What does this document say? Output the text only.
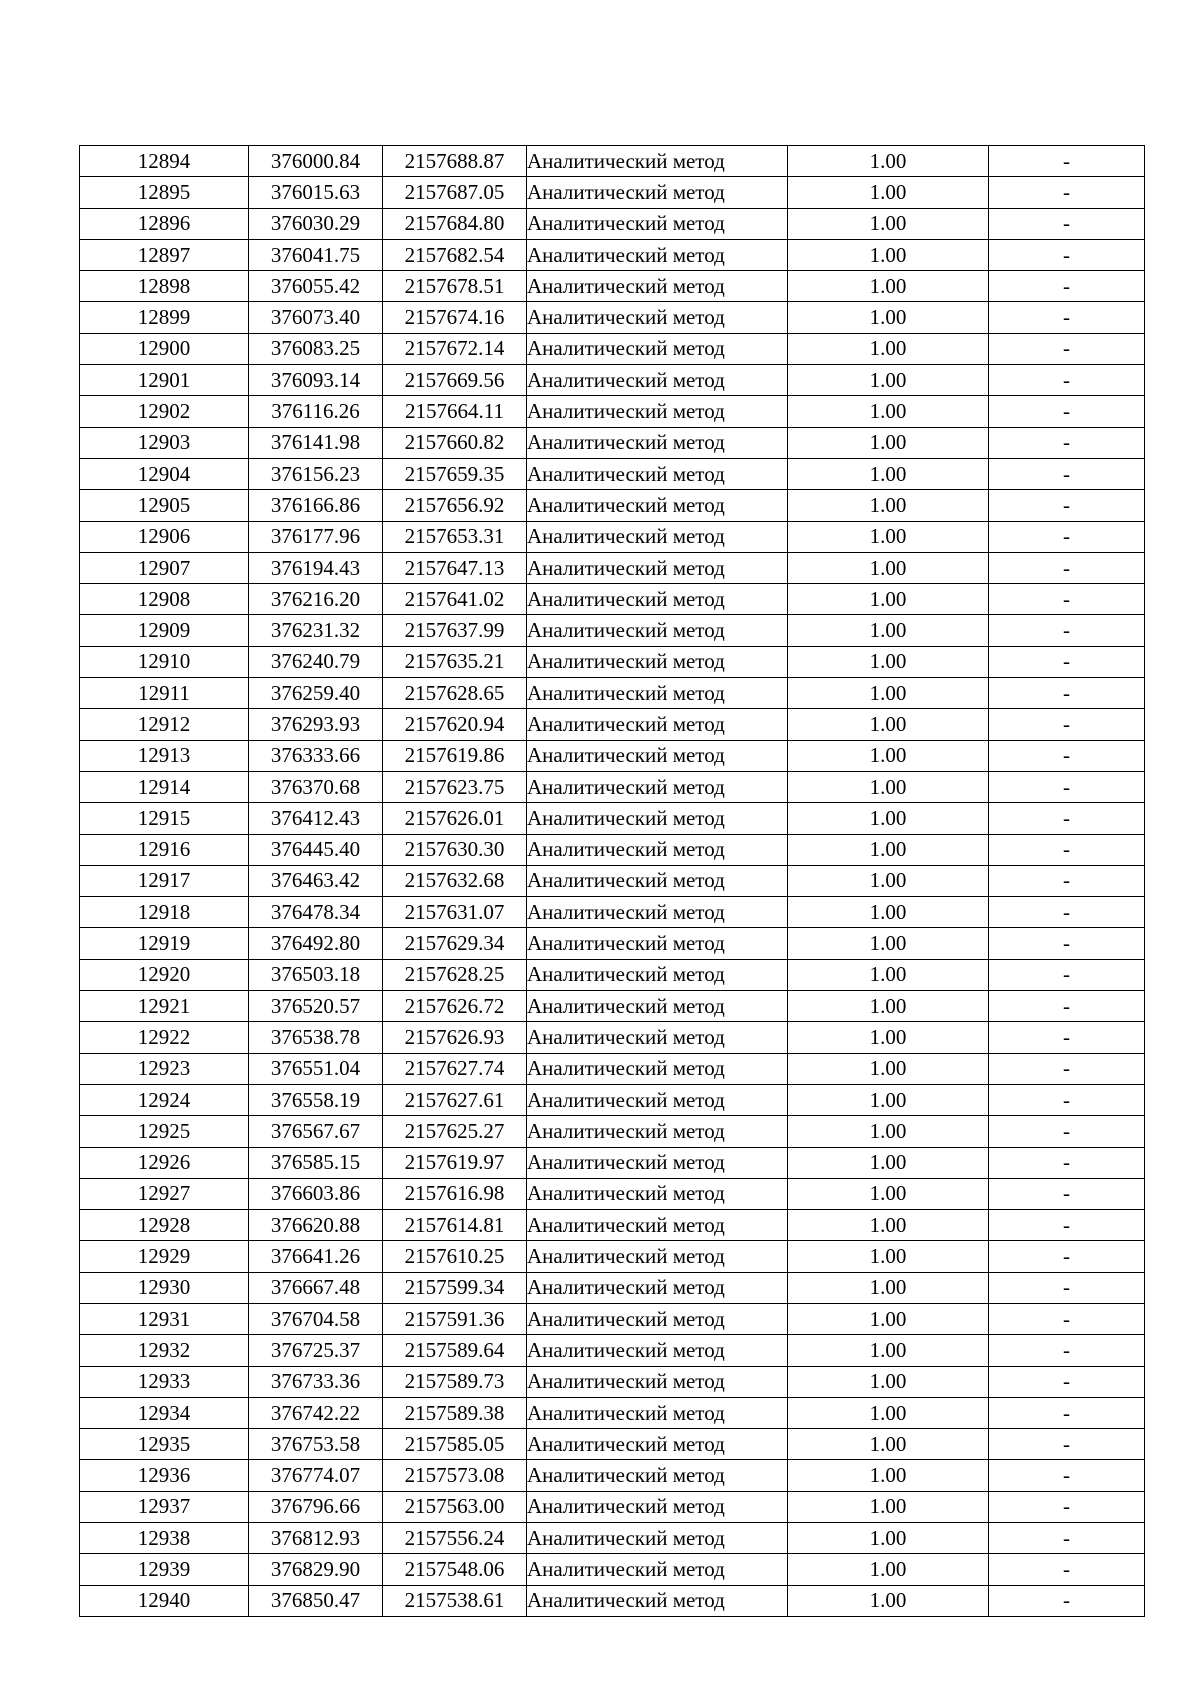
12894	376000.84	2157688.87	Аналитический метод	1.00	-
12895	376015.63	2157687.05	Аналитический метод	1.00	-
12896	376030.29	2157684.80	Аналитический метод	1.00	-
12897	376041.75	2157682.54	Аналитический метод	1.00	-
12898	376055.42	2157678.51	Аналитический метод	1.00	-
12899	376073.40	2157674.16	Аналитический метод	1.00	-
12900	376083.25	2157672.14	Аналитический метод	1.00	-
12901	376093.14	2157669.56	Аналитический метод	1.00	-
12902	376116.26	2157664.11	Аналитический метод	1.00	-
12903	376141.98	2157660.82	Аналитический метод	1.00	-
12904	376156.23	2157659.35	Аналитический метод	1.00	-
12905	376166.86	2157656.92	Аналитический метод	1.00	-
12906	376177.96	2157653.31	Аналитический метод	1.00	-
12907	376194.43	2157647.13	Аналитический метод	1.00	-
12908	376216.20	2157641.02	Аналитический метод	1.00	-
12909	376231.32	2157637.99	Аналитический метод	1.00	-
12910	376240.79	2157635.21	Аналитический метод	1.00	-
12911	376259.40	2157628.65	Аналитический метод	1.00	-
12912	376293.93	2157620.94	Аналитический метод	1.00	-
12913	376333.66	2157619.86	Аналитический метод	1.00	-
12914	376370.68	2157623.75	Аналитический метод	1.00	-
12915	376412.43	2157626.01	Аналитический метод	1.00	-
12916	376445.40	2157630.30	Аналитический метод	1.00	-
12917	376463.42	2157632.68	Аналитический метод	1.00	-
12918	376478.34	2157631.07	Аналитический метод	1.00	-
12919	376492.80	2157629.34	Аналитический метод	1.00	-
12920	376503.18	2157628.25	Аналитический метод	1.00	-
12921	376520.57	2157626.72	Аналитический метод	1.00	-
12922	376538.78	2157626.93	Аналитический метод	1.00	-
12923	376551.04	2157627.74	Аналитический метод	1.00	-
12924	376558.19	2157627.61	Аналитический метод	1.00	-
12925	376567.67	2157625.27	Аналитический метод	1.00	-
12926	376585.15	2157619.97	Аналитический метод	1.00	-
12927	376603.86	2157616.98	Аналитический метод	1.00	-
12928	376620.88	2157614.81	Аналитический метод	1.00	-
12929	376641.26	2157610.25	Аналитический метод	1.00	-
12930	376667.48	2157599.34	Аналитический метод	1.00	-
12931	376704.58	2157591.36	Аналитический метод	1.00	-
12932	376725.37	2157589.64	Аналитический метод	1.00	-
12933	376733.36	2157589.73	Аналитический метод	1.00	-
12934	376742.22	2157589.38	Аналитический метод	1.00	-
12935	376753.58	2157585.05	Аналитический метод	1.00	-
12936	376774.07	2157573.08	Аналитический метод	1.00	-
12937	376796.66	2157563.00	Аналитический метод	1.00	-
12938	376812.93	2157556.24	Аналитический метод	1.00	-
12939	376829.90	2157548.06	Аналитический метод	1.00	-
12940	376850.47	2157538.61	Аналитический метод	1.00	-
